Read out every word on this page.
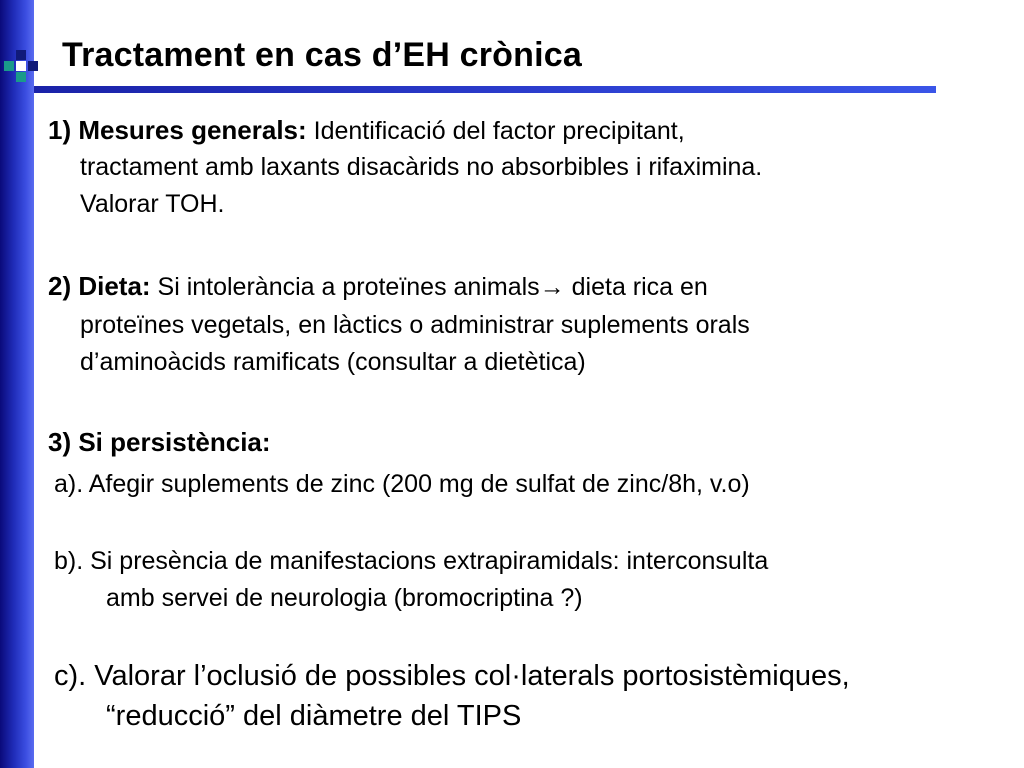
Tractament en cas d’EH crònica
1) Mesures generals: Identificació del factor precipitant,
tractament amb laxants disacàrids no absorbibles i rifaximina.
Valorar TOH.
2) Dieta: Si intolerància a proteïnes animals→ dieta rica en
proteïnes vegetals, en làctics o administrar suplements orals
d’aminoàcids ramificats (consultar a dietètica)
3) Si persistència:
a). Afegir suplements de zinc (200 mg de sulfat de zinc/8h, v.o)
b). Si presència de manifestacions extrapiramidals: interconsulta
amb servei de neurologia (bromocriptina ?)
c). Valorar l’oclusió de possibles col·laterals portosistèmiques,
“reducció” del diàmetre del TIPS
